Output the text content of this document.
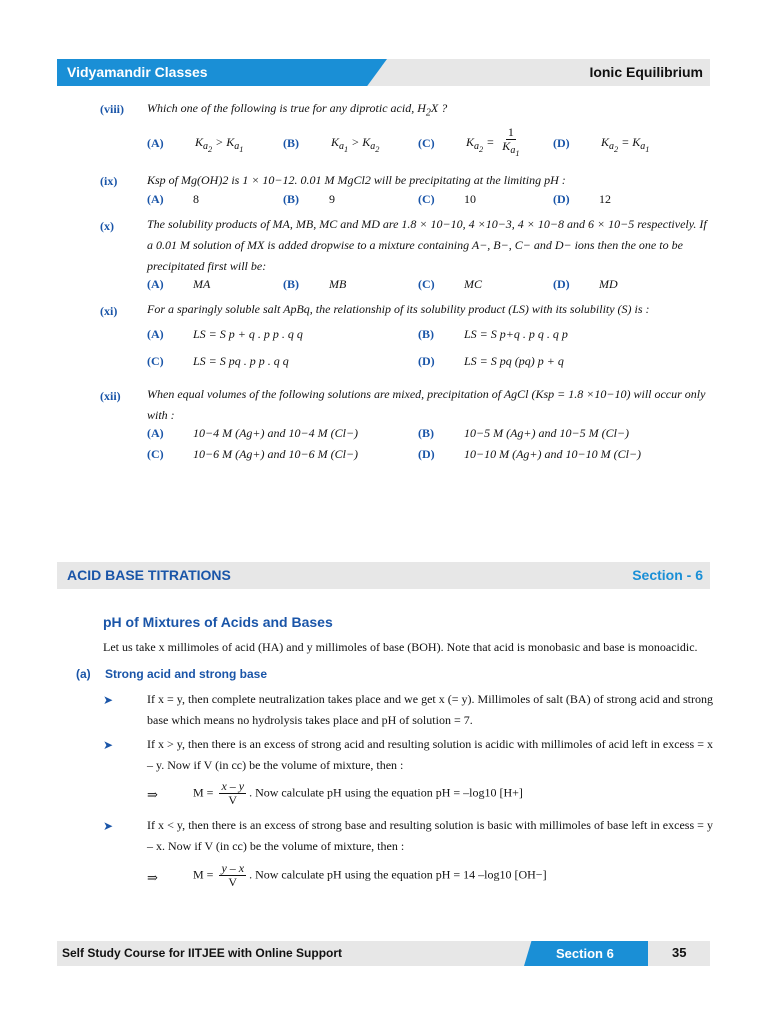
Vidyamandir Classes	Ionic Equilibrium
(viii) Which one of the following is true for any diprotic acid, $H_2X$ ?
(A)	$K_{a_2} > K_{a_1}$	(B)	$K_{a_1} > K_{a_2}$	(C)	$K_{a_2} = \frac{1}{K_{a_1}}$	(D)	$K_{a_2} = K_{a_1}$
(ix) Ksp of Mg(OH)2 is 1 × 10−12. 0.01 M MgCl2 will be precipitating at the limiting pH :
(A) 8	(B)	9	(C) 10	(D) 12
(x)	The solubility products of MA, MB, MC and MD are 1.8 × 10−10, 4 ×10−3, 4 × 10−8 and 6 × 10−5 respectively. If a 0.01 M solution of MX is added dropwise to a mixture containing A−, B−, C− and D− ions then the one to be precipitated first will be:
(A) MA	(B)	MB	(C) MC	(D) MD
(xi) For a sparingly soluble salt ApBq, the relationship of its solubility product (LS) with its solubility (S) is :
(A) LS = S p + q . p p . q q	(B)	LS = S p+q . p q . q p
(C) LS = S pq . p p . q q	(D) LS = S pq (pq) p + q
(xii) When equal volumes of the following solutions are mixed, precipitation of AgCl (Ksp = 1.8 ×10−10) will occur only with :
(A) 10−4 M (Ag+) and 10−4 M (Cl−)	(B)	10−5 M (Ag+) and 10−5 M (Cl−)
(C) 10−6 M (Ag+) and 10−6 M (Cl−)	(D) 10−10 M (Ag+) and 10−10 M (Cl−)
ACID BASE TITRATIONS	Section - 6
pH of Mixtures of Acids and Bases
Let us take x millimoles of acid (HA) and y millimoles of base (BOH). Note that acid is monobasic and base is monoacidic.
(a) Strong acid and strong base
➤	If x = y, then complete neutralization takes place and we get x (= y). Millimoles of salt (BA) of strong acid and strong base which means no hydrolysis takes place and pH of solution = 7.
➤	If x > y, then there is an excess of strong acid and resulting solution is acidic with millimoles of acid left in excess = x – y. Now if V (in cc) be the volume of mixture, then :
⇒	$M = \frac{x - y}{V}$ . Now calculate pH using the equation pH = –log10 [H+]
➤	If x < y, then there is an excess of strong base and resulting solution is basic with millimoles of base left in excess = y – x. Now if V (in cc) be the volume of mixture, then :
⇒	$M = \frac{y - x}{V}$ . Now calculate pH using the equation pH = 14 –log10 [OH−]
Self Study Course for IITJEE with Online Support	Section 6	35
